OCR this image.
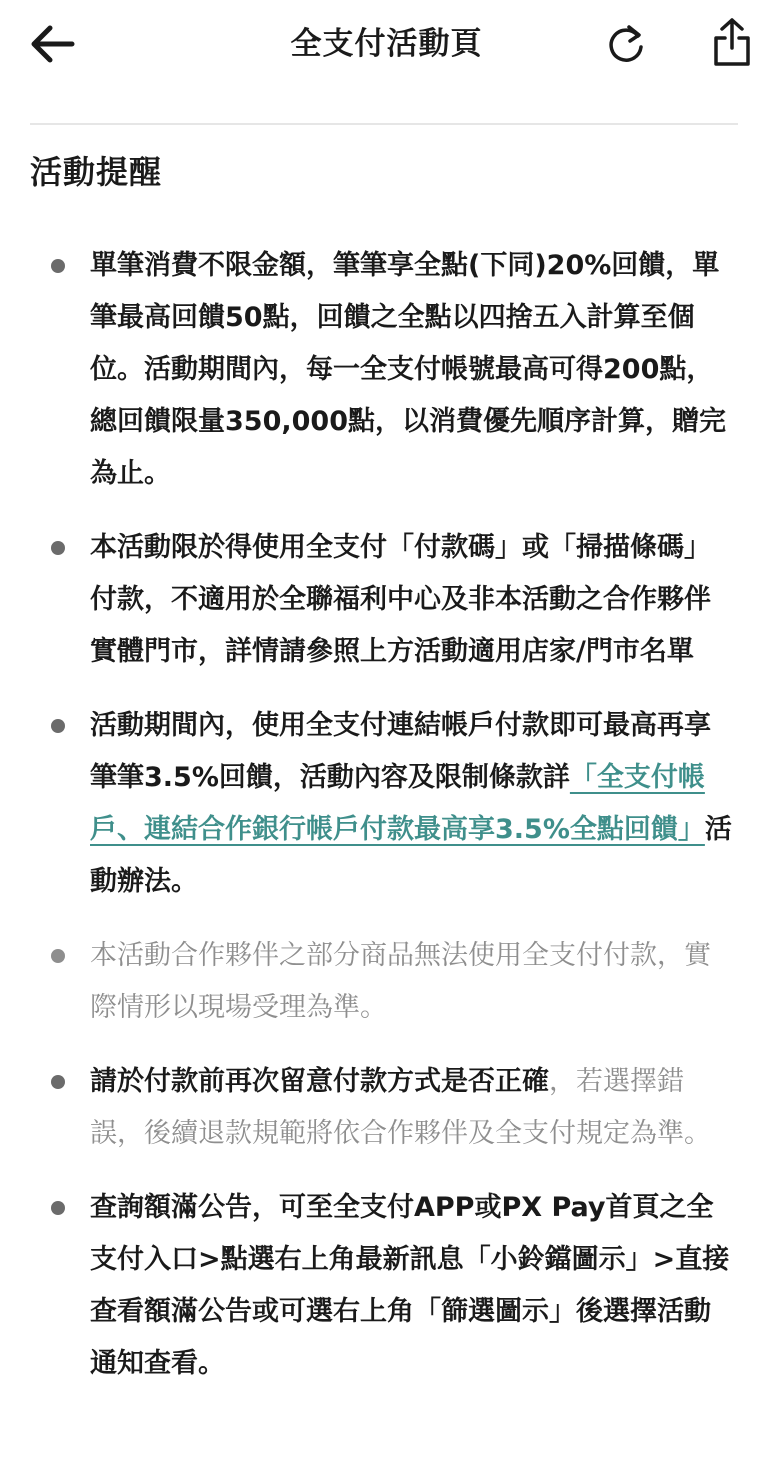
全支付活動頁
活動提醒
單筆消費不限金額，筆筆享全點(下同)20%回饋，單筆最高回饋50點，回饋之全點以四捨五入計算至個位。活動期間內，每一全支付帳號最高可得200點，總回饋限量350,000點，以消費優先順序計算，贈完為止。
本活動限於得使用全支付「付款碼」或「掃描條碼」付款，不適用於全聯福利中心及非本活動之合作夥伴實體門市，詳情請參照上方活動適用店家/門市名單
活動期間內，使用全支付連結帳戶付款即可最高再享筆筆3.5%回饋，活動內容及限制條款詳「全支付帳戶、連結合作銀行帳戶付款最高享3.5%全點回饋」活動辦法。
本活動合作夥伴之部分商品無法使用全支付付款，實際情形以現場受理為準。
請於付款前再次留意付款方式是否正確，若選擇錯誤，後續退款規範將依合作夥伴及全支付規定為準。
查詢額滿公告，可至全支付APP或PX Pay首頁之全支付入口>點選右上角最新訊息「小鈴鐺圖示」>直接查看額滿公告或可選右上角「篩選圖示」後選擇活動通知查看。
